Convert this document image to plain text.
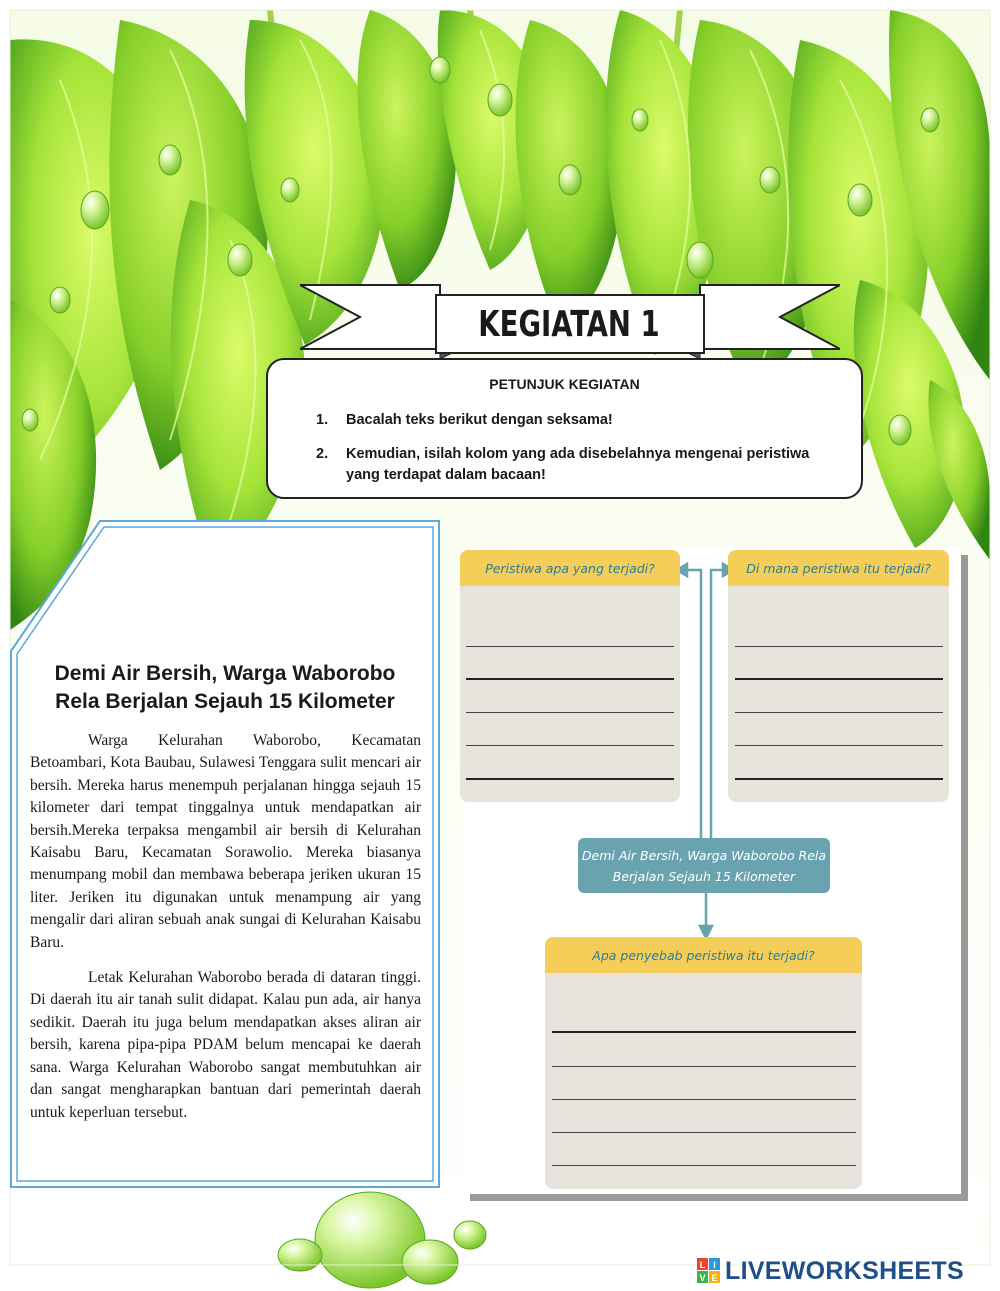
KEGIATAN 1
PETUNJUK KEGIATAN
1.	Bacalah teks berikut dengan seksama!
2.	Kemudian, isilah kolom yang ada disebelahnya mengenai peristiwa yang terdapat dalam bacaan!
Demi Air Bersih, Warga Waborobo Rela Berjalan Sejauh 15 Kilometer

Warga Kelurahan Waborobo, Kecamatan Betoambari, Kota Baubau, Sulawesi Tenggara sulit mencari air bersih. Mereka harus menempuh perjalanan hingga sejauh 15 kilometer dari tempat tinggalnya untuk mendapatkan air bersih.Mereka terpaksa mengambil air bersih di Kelurahan Kaisabu Baru, Kecamatan Sorawolio. Mereka biasanya menumpang mobil dan membawa beberapa jeriken ukuran 15 liter. Jeriken itu digunakan untuk menampung air yang mengalir dari aliran sebuah anak sungai di Kelurahan Kaisabu Baru.

Letak Kelurahan Waborobo berada di dataran tinggi. Di daerah itu air tanah sulit didapat. Kalau pun ada, air hanya sedikit. Daerah itu juga belum mendapatkan akses aliran air bersih, karena pipa-pipa PDAM belum mencapai ke daerah sana. Warga Kelurahan Waborobo sangat membutuhkan air dan sangat mengharapkan bantuan dari pemerintah daerah untuk keperluan tersebut.

Peristiwa apa yang terjadi?	Di mana peristiwa itu terjadi?
Demi Air Bersih, Warga Waborobo Rela Berjalan Sejauh 15 Kilometer
Apa penyebab peristiwa itu terjadi?
L I
V E LIVEWORKSHEETS
